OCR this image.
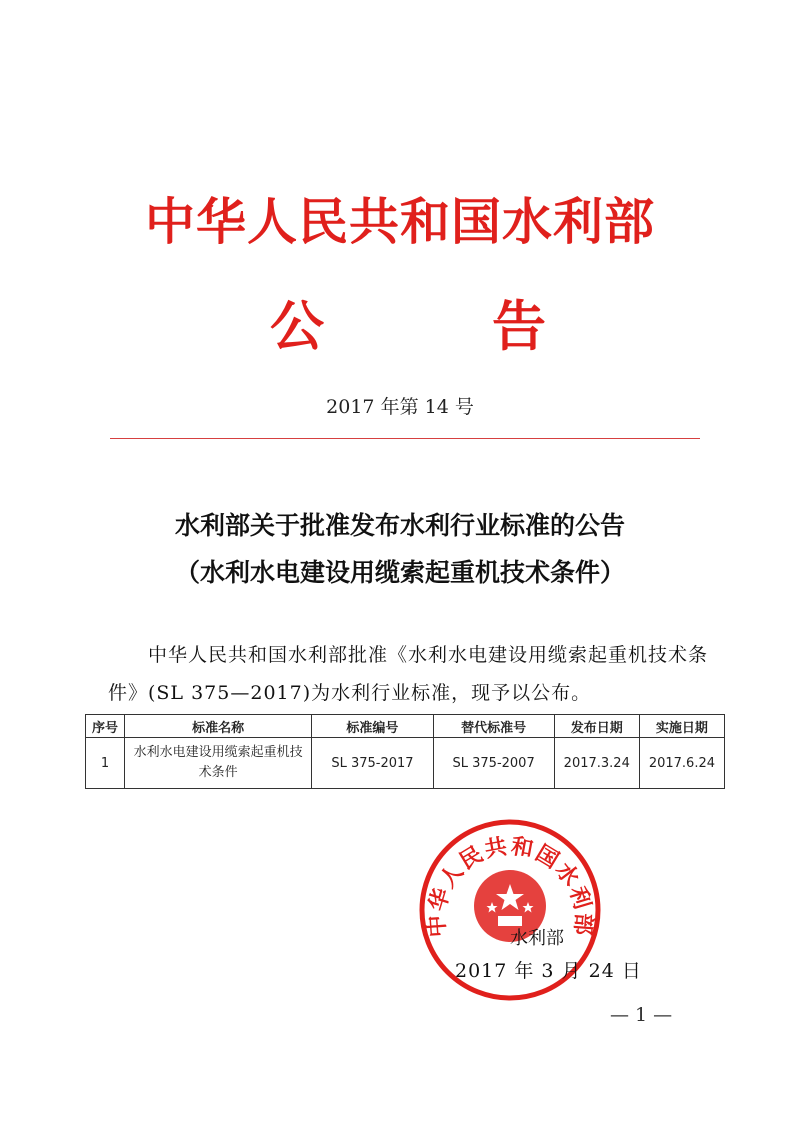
中华人民共和国水利部
公	告
2017 年第 14 号
水利部关于批准发布水利行业标准的公告
（水利水电建设用缆索起重机技术条件）

中华人民共和国水利部批准《水利水电建设用缆索起重机技术条件》(SL 375—2017)为水利行业标准，现予以公布。

序号	标准名称	标准编号	替代标准号	发布日期	实施日期
1	水利水电建设用缆索起重机技术条件	SL 375-2017	SL 375-2007	2017.3.24	2017.6.24
中华人民共和国水利部
水利部
2017 年 3 月 24 日
— 1 —
